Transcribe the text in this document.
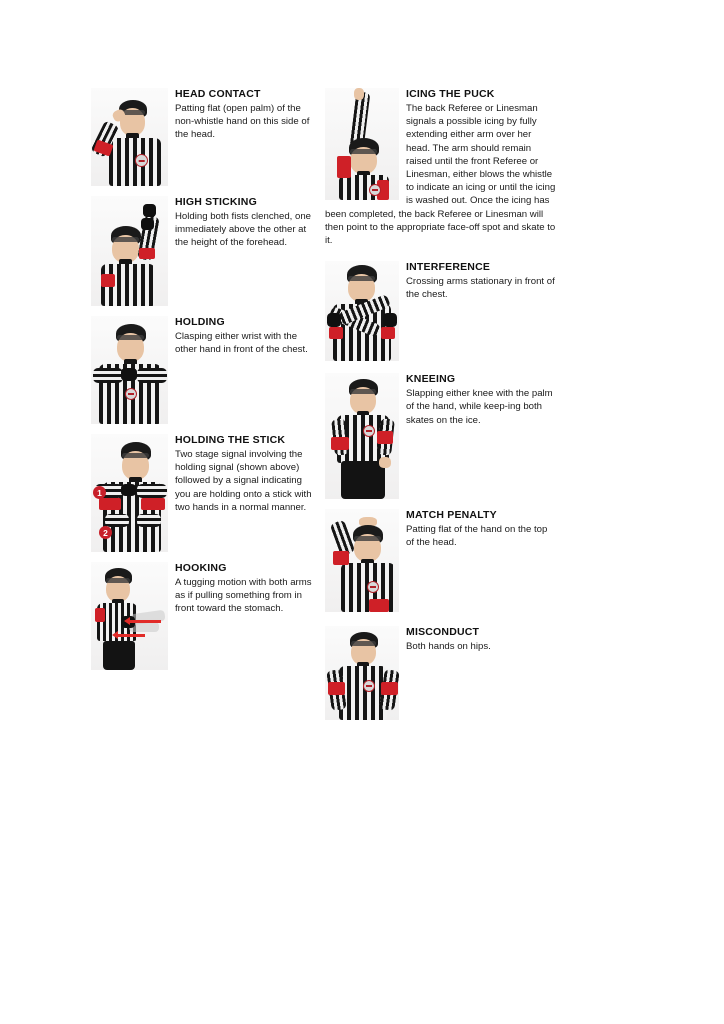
HEAD CONTACT
Patting flat (open palm) of the non-whistle hand on this side of the head.
HIGH STICKING
Holding both fists clenched, one immediately above the other at the height of the forehead.
HOLDING
Clasping either wrist with the other hand in front of the chest.
1
2
HOLDING THE STICK
Two stage signal involving the holding signal (shown above) followed by a signal indicating you are holding onto a stick with two hands in a normal manner.
HOOKING
A tugging motion with both arms as if pulling something from in front toward the stomach.
ICING THE PUCK
The back Referee or Linesman signals a possible icing by fully extending either arm over her head. The arm should remain raised until the front Referee or Linesman, either blows the whistle to indicate an icing or until the icing is washed out. Once the icing has been completed, the back Referee or Linesman will then point to the appropriate face-off spot and skate to it.
INTERFERENCE
Crossing arms stationary in front of the chest.
KNEEING
Slapping either knee with the palm of the hand, while keep-ing both skates on the ice.
MATCH PENALTY
Patting flat of the hand on the top of the head.
MISCONDUCT
Both hands on hips.
